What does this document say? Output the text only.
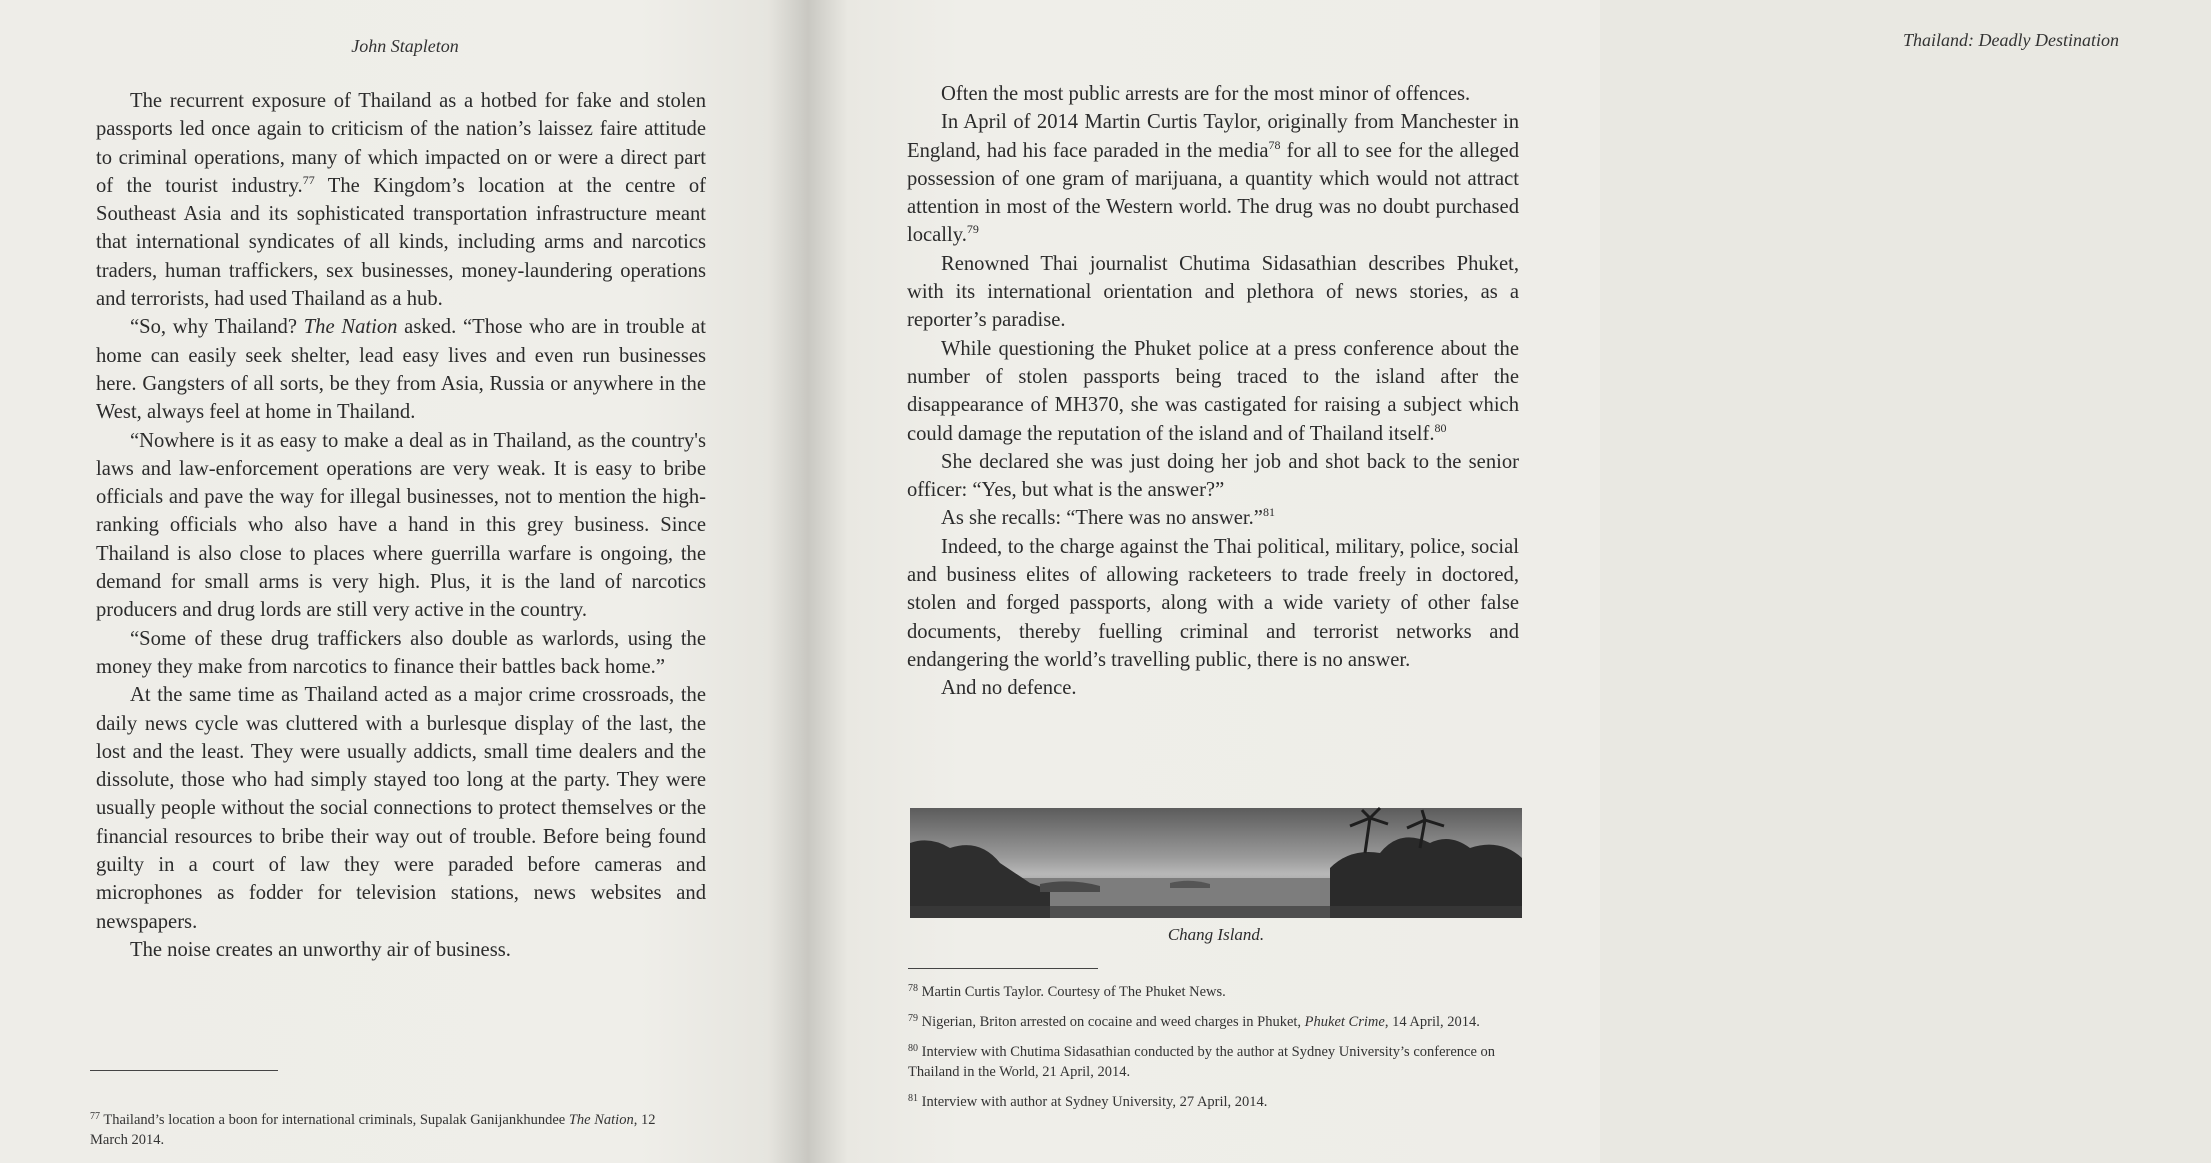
John Stapleton

The recurrent exposure of Thailand as a hotbed for fake and stolen passports led once again to criticism of the nation’s laissez faire attitude to criminal operations, many of which impacted on or were a direct part of the tourist industry.$^{77}$ The Kingdom’s location at the centre of Southeast Asia and its sophisticated transportation infrastructure meant that international syndicates of all kinds, including arms and narcotics traders, human traffickers, sex businesses, money-laundering operations and terrorists, had used Thailand as a hub.

“So, why Thailand? The Nation asked. “Those who are in trouble at home can easily seek shelter, lead easy lives and even run businesses here. Gangsters of all sorts, be they from Asia, Russia or anywhere in the West, always feel at home in Thailand.

“Nowhere is it as easy to make a deal as in Thailand, as the country's laws and law-enforcement operations are very weak. It is easy to bribe officials and pave the way for illegal businesses, not to mention the high-ranking officials who also have a hand in this grey business. Since Thailand is also close to places where guerrilla warfare is ongoing, the demand for small arms is very high. Plus, it is the land of narcotics producers and drug lords are still very active in the country.

“Some of these drug traffickers also double as warlords, using the money they make from narcotics to finance their battles back home.”

At the same time as Thailand acted as a major crime crossroads, the daily news cycle was cluttered with a burlesque display of the last, the lost and the least. They were usually addicts, small time dealers and the dissolute, those who had simply stayed too long at the party. They were usually people without the social connections to protect themselves or the financial resources to bribe their way out of trouble. Before being found guilty in a court of law they were paraded before cameras and microphones as fodder for television stations, news websites and newspapers.

The noise creates an unworthy air of business.

$^{77}$ Thailand’s location a boon for international criminals, Supalak Ganijankhundee The Nation, 12 March 2014.

Thailand: Deadly Destination

Often the most public arrests are for the most minor of offences.

In April of 2014 Martin Curtis Taylor, originally from Manchester in England, had his face paraded in the media$^{78}$ for all to see for the alleged possession of one gram of marijuana, a quantity which would not attract attention in most of the Western world. The drug was no doubt purchased locally.$^{79}$

Renowned Thai journalist Chutima Sidasathian describes Phuket, with its international orientation and plethora of news stories, as a reporter’s paradise.

While questioning the Phuket police at a press conference about the number of stolen passports being traced to the island after the disappearance of MH370, she was castigated for raising a subject which could damage the reputation of the island and of Thailand itself.$^{80}$

She declared she was just doing her job and shot back to the senior officer: “Yes, but what is the answer?”

As she recalls: “There was no answer.”$^{81}$

Indeed, to the charge against the Thai political, military, police, social and business elites of allowing racketeers to trade freely in doctored, stolen and forged passports, along with a wide variety of other false documents, thereby fuelling criminal and terrorist networks and endangering the world’s travelling public, there is no answer.

And no defence.

Chang Island.

$^{78}$ Martin Curtis Taylor. Courtesy of The Phuket News.

$^{79}$ Nigerian, Briton arrested on cocaine and weed charges in Phuket, Phuket Crime, 14 April, 2014.

$^{80}$ Interview with Chutima Sidasathian conducted by the author at Sydney University’s conference on Thailand in the World, 21 April, 2014.

$^{81}$ Interview with author at Sydney University, 27 April, 2014.
